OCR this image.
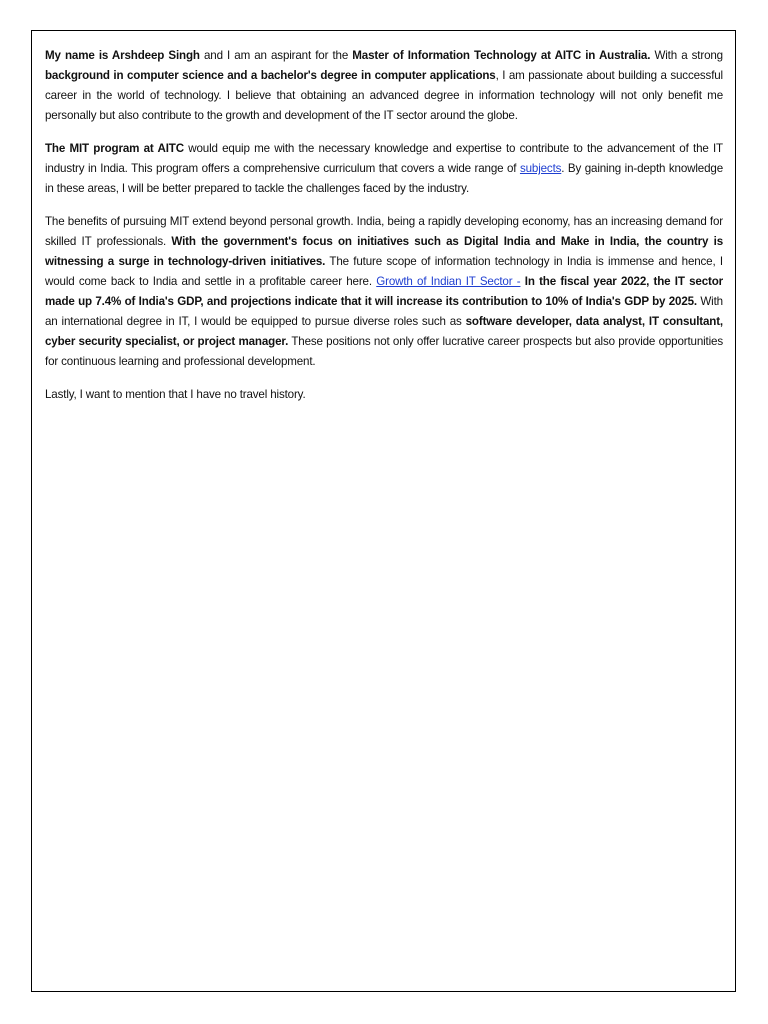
My name is Arshdeep Singh and I am an aspirant for the Master of Information Technology at AITC in Australia. With a strong background in computer science and a bachelor's degree in computer applications, I am passionate about building a successful career in the world of technology. I believe that obtaining an advanced degree in information technology will not only benefit me personally but also contribute to the growth and development of the IT sector around the globe.

The MIT program at AITC would equip me with the necessary knowledge and expertise to contribute to the advancement of the IT industry in India. This program offers a comprehensive curriculum that covers a wide range of subjects. By gaining in-depth knowledge in these areas, I will be better prepared to tackle the challenges faced by the industry.

The benefits of pursuing MIT extend beyond personal growth. India, being a rapidly developing economy, has an increasing demand for skilled IT professionals. With the government's focus on initiatives such as Digital India and Make in India, the country is witnessing a surge in technology-driven initiatives. The future scope of information technology in India is immense and hence, I would come back to India and settle in a profitable career here. Growth of Indian IT Sector - In the fiscal year 2022, the IT sector made up 7.4% of India's GDP, and projections indicate that it will increase its contribution to 10% of India's GDP by 2025. With an international degree in IT, I would be equipped to pursue diverse roles such as software developer, data analyst, IT consultant, cyber security specialist, or project manager. These positions not only offer lucrative career prospects but also provide opportunities for continuous learning and professional development.

Lastly, I want to mention that I have no travel history.
